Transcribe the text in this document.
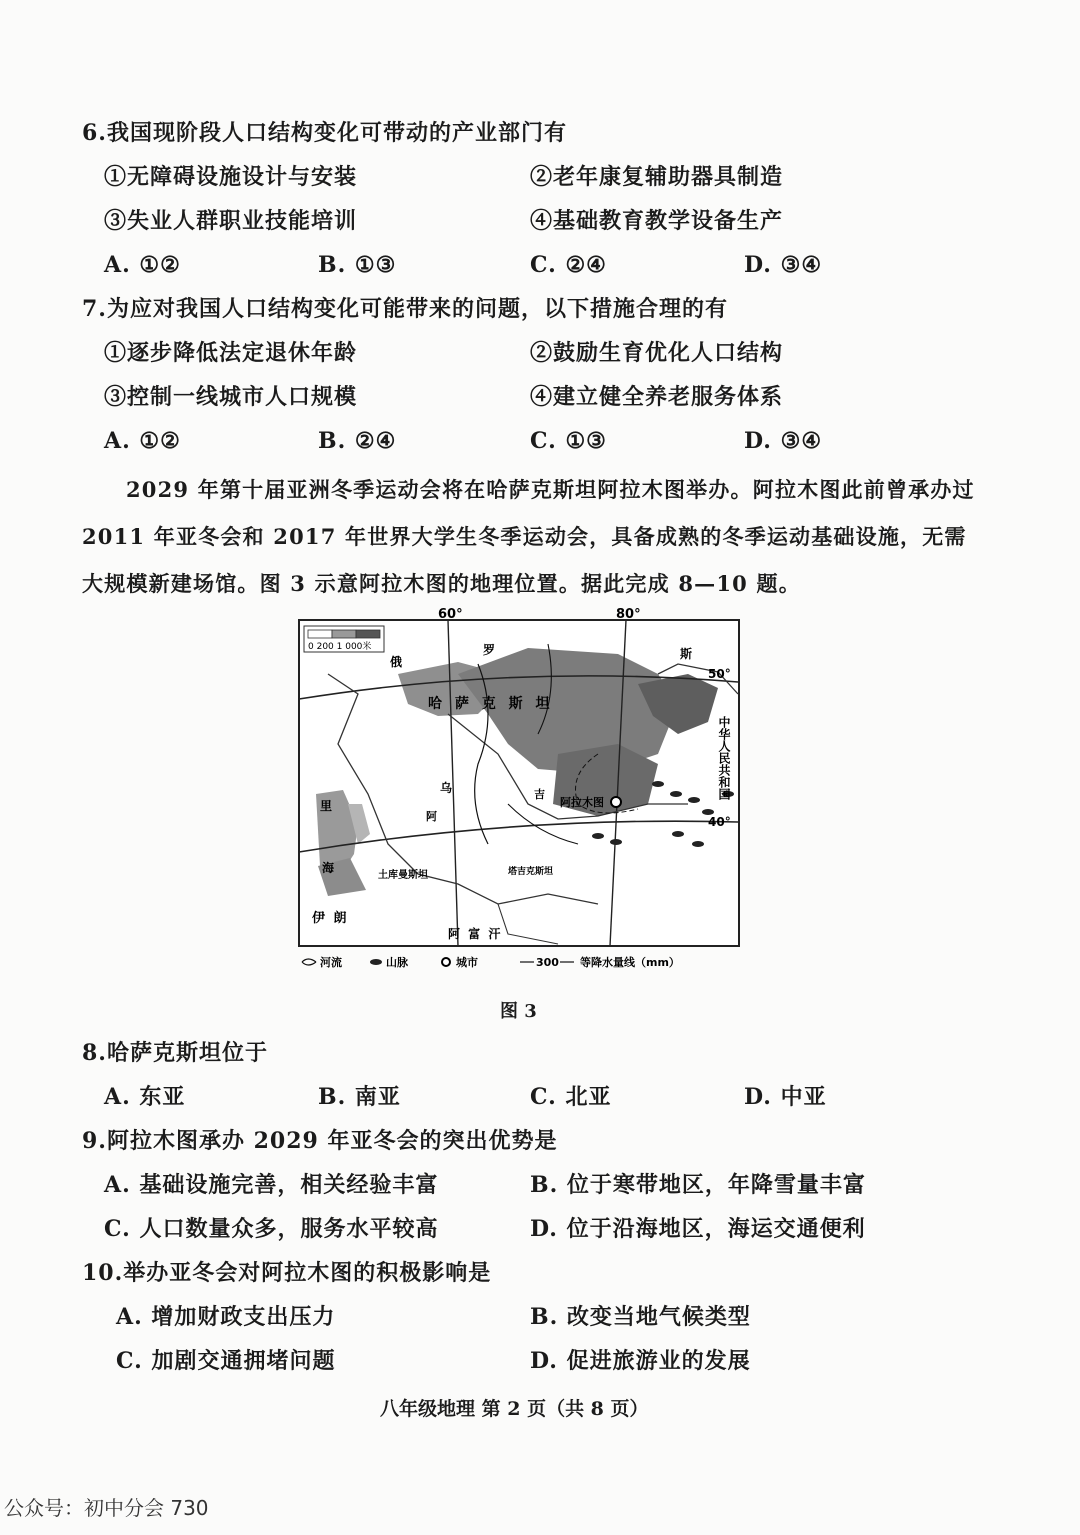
6.我国现阶段人口结构变化可带动的产业部门有
①无障碍设施设计与安装	②老年康复辅助器具制造
③失业人群职业技能培训	④基础教育教学设备生产
A. ①②	B. ①③	C. ②④	D. ③④
7.为应对我国人口结构变化可能带来的问题，以下措施合理的有
①逐步降低法定退休年龄	②鼓励生育优化人口结构
③控制一线城市人口规模	④建立健全养老服务体系
A. ①②	B. ②④	C. ①③	D. ③④
2029 年第十届亚洲冬季运动会将在哈萨克斯坦阿拉木图举办。阿拉木图此前曾承办过 2011 年亚冬会和 2017 年世界大学生冬季运动会，具备成熟的冬季运动基础设施，无需大规模新建场馆。图 3 示意阿拉木图的地理位置。据此完成 8—10 题。
0 200 1 000米
60°	80°
50°
40°
罗	斯
俄
哈 萨 克 斯 坦
里
海
乌	吉
阿
土库曼斯坦	塔吉克斯坦
伊 朗
阿 富 汗
阿拉木图
中华人民共和国
河流	山脉	城市	300 等降水量线（mm）
图 3
8.哈萨克斯坦位于
A. 东亚	B. 南亚	C. 北亚	D. 中亚
9.阿拉木图承办 2029 年亚冬会的突出优势是
A. 基础设施完善，相关经验丰富	B. 位于寒带地区，年降雪量丰富
C. 人口数量众多，服务水平较高	D. 位于沿海地区，海运交通便利
10.举办亚冬会对阿拉木图的积极影响是
A. 增加财政支出压力	B. 改变当地气候类型
C. 加剧交通拥堵问题	D. 促进旅游业的发展
八年级地理 第 2 页（共 8 页）
公众号：初中分会 730
